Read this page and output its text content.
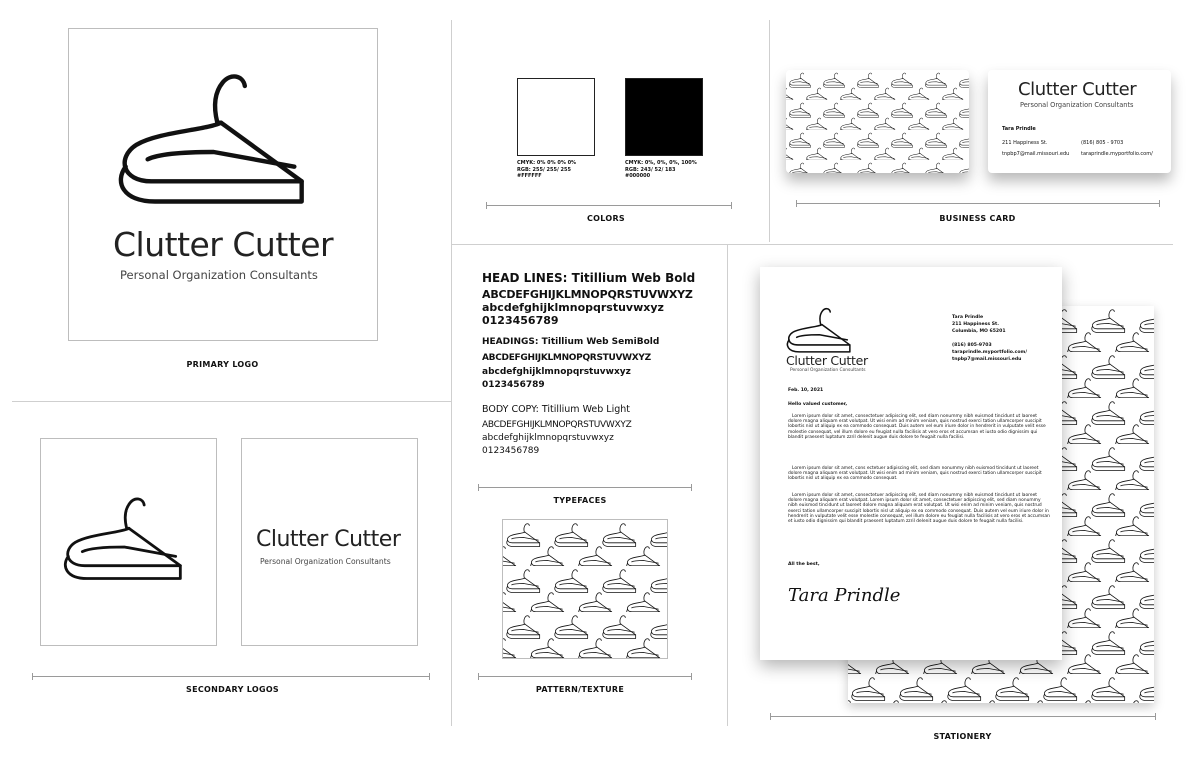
Clutter Cutter
Personal Organization Consultants
PRIMARY LOGO
Clutter Cutter
Personal Organization Consultants
SECONDARY LOGOS
CMYK: 0% 0% 0% 0%
RGB: 255/ 255/ 255
#FFFFFF
CMYK: 0%, 0%, 0%, 100%
RGB: 243/ 52/ 183
#000000
COLORS
Clutter Cutter
Personal Organization Consultants
Tara Prindle
211 Happiness St.
tnpbp7@mail.missouri.edu
(816) 805 - 9703
taraprindle.myportfolio.com/
BUSINESS CARD
HEAD LINES: Titillium Web Bold
ABCDEFGHIJKLMNOPQRSTUVWXYZ
abcdefghijklmnopqrstuvwxyz
0123456789
HEADINGS: Titillium Web SemiBold
ABCDEFGHIJKLMNOPQRSTUVWXYZ
abcdefghijklmnopqrstuvwxyz
0123456789
BODY COPY: Titillium Web Light
ABCDEFGHIJKLMNOPQRSTUVWXYZ
abcdefghijklmnopqrstuvwxyz
0123456789
TYPEFACES
PATTERN/TEXTURE
Clutter Cutter
Personal Organization Consultants
Tara Prindle
211 Happiness St.
Columbia, MO 65201
(816) 805-9703
taraprindle.myportfolio.com/
tnpbp7@mail.missouri.edu
Feb. 10, 2021
Hello valued customer,
Lorem ipsum dolor sit amet, consectetuer adipiscing elit, sed diam nonummy nibh euismod tincidunt ut laoreet dolore magna aliquam erat volutpat. Ut wisi enim ad minim veniam, quis nostrud exerci tation ullamcorper suscipit lobortis nisl ut aliquip ex ea commodo consequat. Duis autem vel eum iriure dolor in hendrerit in vulputate velit esse molestie consequat, vel illum dolore eu feugiat nulla facilisis at vero eros et accumsan et iusto odio dignissim qui blandit praesent luptatum zzril delenit augue duis dolore te feugait nulla facilisi.
Lorem ipsum dolor sit amet, cons ectetuer adipiscing elit, sed diam nonummy nibh euismod tincidunt ut laoreet dolore magna aliquam erat volutpat. Ut wisi enim ad minim veniam, quis nostrud exerci tation ullamcorper suscipit lobortis nisl ut aliquip ex ea commodo consequat.
Lorem ipsum dolor sit amet, consectetuer adipiscing elit, sed diam nonummy nibh euismod tincidunt ut laoreet dolore magna aliquam erat volutpat. Lorem ipsum dolor sit amet, consectetuer adipiscing elit, sed diam nonummy nibh euismod tincidunt ut laoreet dolore magna aliquam erat volutpat. Ut wisi enim ad minim veniam, quis nostrud exerci tation ullamcorper suscipit lobortis nisl ut aliquip ex ea commodo consequat. Duis autem vel eum iriure dolor in hendrerit in vulputate velit esse molestie consequat, vel illum dolore eu feugiat nulla facilisis at vero eros et accumsan et iusto odio dignissim qui blandit praesent luptatum zzril delenit augue duis dolore te feugait nulla facilisi.
All the best,
Tara Prindle
STATIONERY
